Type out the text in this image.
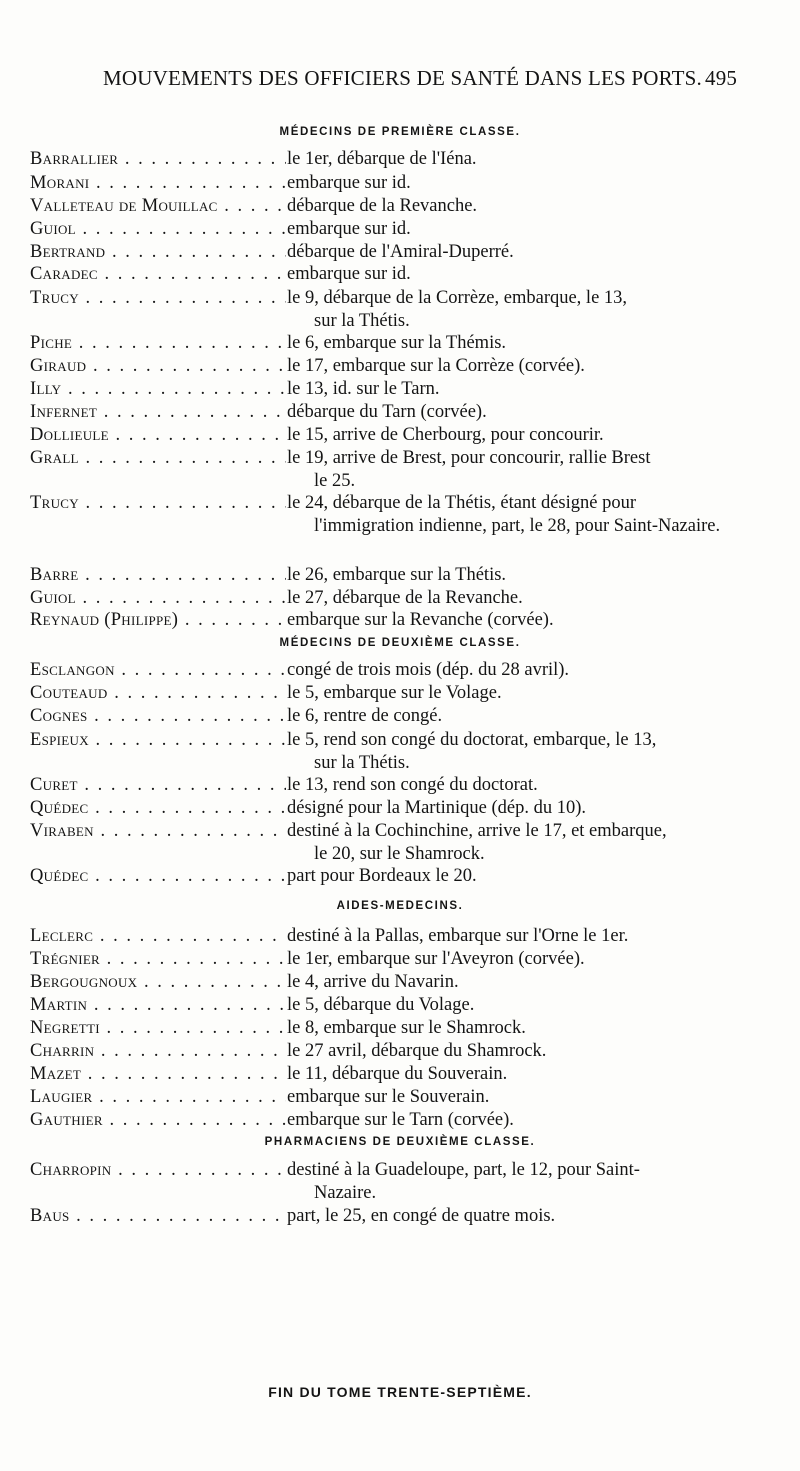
MOUVEMENTS DES OFFICIERS DE SANTÉ DANS LES PORTS. 495
MÉDECINS DE PREMIÈRE CLASSE.
Barrallier . . .	le 1er, débarque de l'Iéna.
Morani . . .	embarque sur id.
Valleteau de Mouillac . . .	débarque de la Revanche.
Guiol . . .	embarque sur id.
Bertrand . . .	débarque de l'Amiral-Duperré.
Caradec . . .	embarque sur id.
Trucy . . .	le 9, débarque de la Corrèze, embarque, le 13,
sur la Thétis.
Piche . . .	le 6, embarque sur la Thémis.
Giraud . . .	le 17, embarque sur la Corrèze (corvée).
Illy . . .	le 13, id. sur le Tarn.
Infernet . . .	débarque du Tarn (corvée).
Dollieule . . .	le 15, arrive de Cherbourg, pour concourir.
Grall . . .	le 19, arrive de Brest, pour concourir, rallie Brest
le 25.
Trucy . . .	le 24, débarque de la Thétis, étant désigné pour
l'immigration indienne, part, le 28, pour Saint-Nazaire.
Barre . . .	le 26, embarque sur la Thétis.
Guiol . . .	le 27, débarque de la Revanche.
Reynaud (Philippe) . . .	embarque sur la Revanche (corvée).
MÉDECINS DE DEUXIÈME CLASSE.
Esclangon . . .	congé de trois mois (dép. du 28 avril).
Couteaud . . .	le 5, embarque sur le Volage.
Cognes . . .	le 6, rentre de congé.
Espieux . . .	le 5, rend son congé du doctorat, embarque, le 13,
sur la Thétis.
Curet . . .	le 13, rend son congé du doctorat.
Quédec . . .	désigné pour la Martinique (dép. du 10).
Viraben . . .	destiné à la Cochinchine, arrive le 17, et embarque,
le 20, sur le Shamrock.
Quédec . . .	part pour Bordeaux le 20.
AIDES-MEDECINS.
Leclerc . . .	destiné à la Pallas, embarque sur l'Orne le 1er.
Trégnier . . .	le 1er, embarque sur l'Aveyron (corvée).
Bergougnoux . . .	le 4, arrive du Navarin.
Martin . . .	le 5, débarque du Volage.
Negretti . . .	le 8, embarque sur le Shamrock.
Charrin . . .	le 27 avril, débarque du Shamrock.
Mazet . . .	le 11, débarque du Souverain.
Laugier . . .	embarque sur le Souverain.
Gauthier . . .	embarque sur le Tarn (corvée).
PHARMACIENS DE DEUXIÈME CLASSE.
Charropin . . .	destiné à la Guadeloupe, part, le 12, pour Saint-
Nazaire.
Baus . . .	part, le 25, en congé de quatre mois.
FIN DU TOME TRENTE-SEPTIÈME.
